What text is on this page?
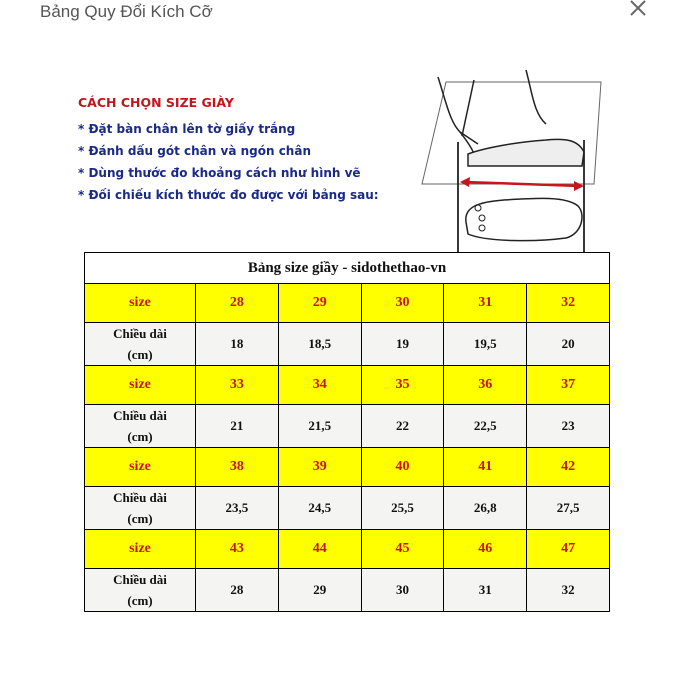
Bảng Quy Đổi Kích Cỡ
CÁCH CHỌN SIZE GIÀY
* Đặt bàn chân lên tờ giấy trắng
* Đánh dấu gót chân và ngón chân
* Dùng thước đo khoảng cách như hình vẽ
* Đối chiếu kích thước đo được với bảng sau:
Bảng size giầy - sidothethao-vn					
size	28	29	30	31	32
Chiều dài
(cm)	18	18,5	19	19,5	20
size	33	34	35	36	37
Chiều dài
(cm)	21	21,5	22	22,5	23
size	38	39	40	41	42
Chiều dài
(cm)	23,5	24,5	25,5	26,8	27,5
size	43	44	45	46	47
Chiều dài
(cm)	28	29	30	31	32
